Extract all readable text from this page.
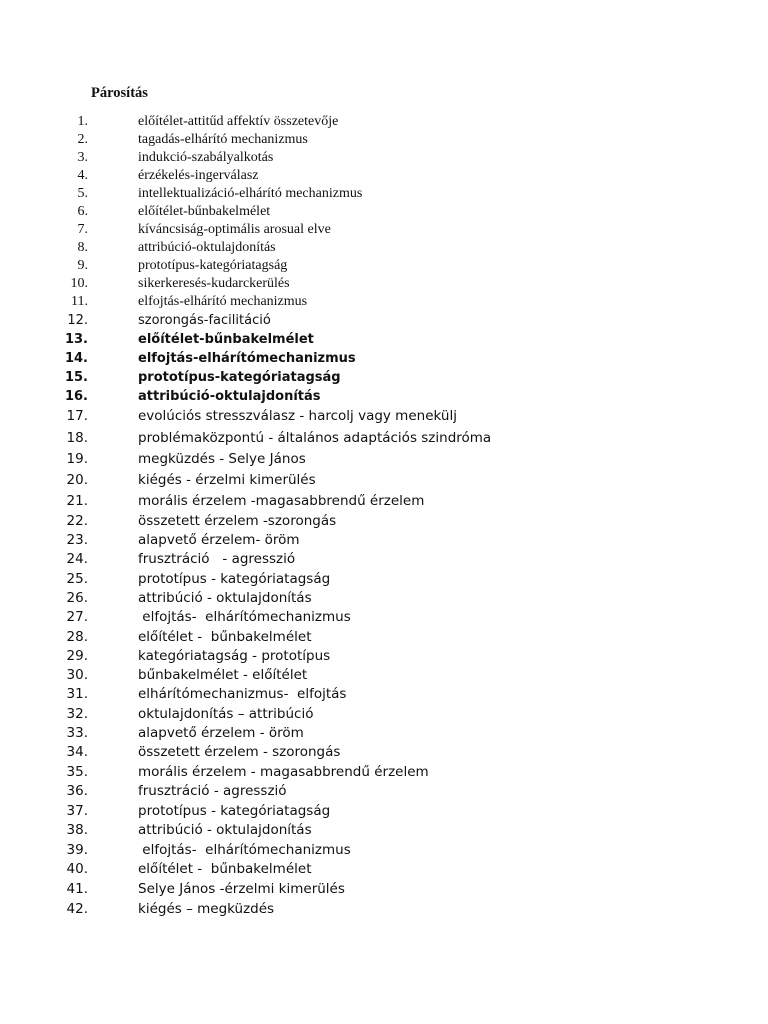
Párosítás
1.	előítélet-attitűd affektív összetevője
2.	tagadás-elhárító mechanizmus
3.	indukció-szabályalkotás
4.	érzékelés-ingerválasz
5.	intellektualizáció-elhárító mechanizmus
6.	előítélet-bűnbakelmélet
7.	kíváncsiság-optimális arosual elve
8.	attribúció-oktulajdonítás
9.	prototípus-kategóriatagság
10.	sikerkeresés-kudarckerülés
11.	elfojtás-elhárító mechanizmus
12.	szorongás-facilitáció
13.	előítélet-bűnbakelmélet
14.	elfojtás-elhárítómechanizmus
15.	prototípus-kategóriatagság
16.	attribúció-oktulajdonítás
17.	evolúciós stresszválasz - harcolj vagy menekülj
18.	problémaközpontú - általános adaptációs szindróma
19.	megküzdés - Selye János
20.	kiégés - érzelmi kimerülés
21.	morális érzelem -magasabbrendű érzelem
22.	összetett érzelem -szorongás
23.	alapvető érzelem- öröm
24.	frusztráció   - agresszió
25.	prototípus - kategóriatagság
26.	attribúció - oktulajdonítás
27.	elfojtás-  elhárítómechanizmus
28.	előítélet -  bűnbakelmélet
29.	kategóriatagság - prototípus
30.	bűnbakelmélet - előítélet
31.	elhárítómechanizmus-  elfojtás
32.	oktulajdonítás – attribúció
33.	alapvető érzelem - öröm
34.	összetett érzelem - szorongás
35.	morális érzelem - magasabbrendű érzelem
36.	frusztráció - agresszió
37.	prototípus - kategóriatagság
38.	attribúció - oktulajdonítás
39.	elfojtás-  elhárítómechanizmus
40.	előítélet -  bűnbakelmélet
41.	Selye János -érzelmi kimerülés
42.	kiégés – megküzdés
